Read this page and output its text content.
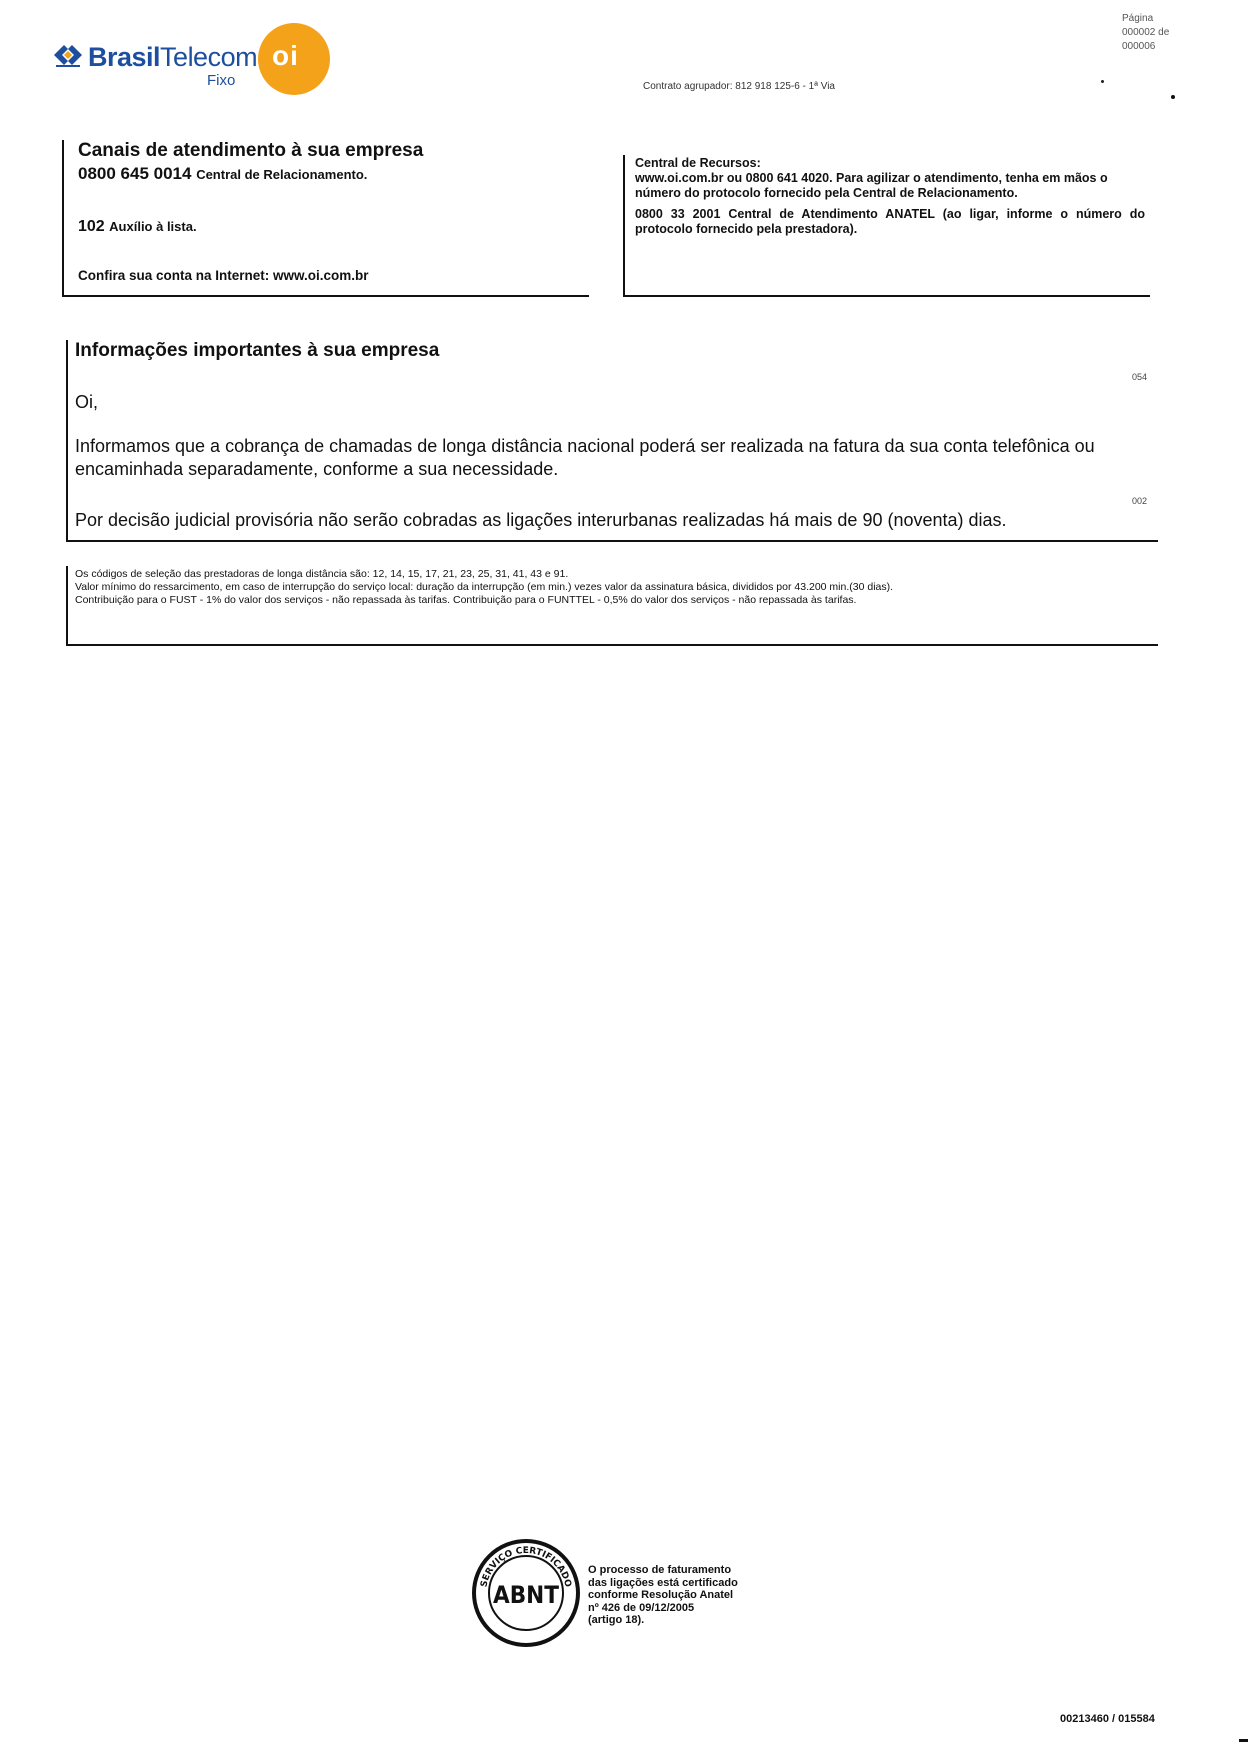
BrasilTelecom
Fixo
oi
Página
000002 de
000006
Contrato agrupador: 812 918 125-6 - 1ª Via
Canais de atendimento à sua empresa
0800 645 0014 Central de Relacionamento.
102 Auxílio à lista.
Confira sua conta na Internet: www.oi.com.br

Central de Recursos:

www.oi.com.br ou 0800 641 4020. Para agilizar o atendimento, tenha em mãos o número do protocolo fornecido pela Central de Relacionamento.

0800 33 2001 Central de Atendimento ANATEL (ao ligar, informe o número do protocolo fornecido pela prestadora).

Informações importantes à sua empresa
Oi,
Informamos que a cobrança de chamadas de longa distância nacional poderá ser realizada na fatura da sua conta telefônica ou encaminhada separadamente, conforme a sua necessidade.
Por decisão judicial provisória não serão cobradas as ligações interurbanas realizadas há mais de 90 (noventa) dias.
054
002

Os códigos de seleção das prestadoras de longa distância são: 12, 14, 15, 17, 21, 23, 25, 31, 41, 43 e 91.

Valor mínimo do ressarcimento, em caso de interrupção do serviço local: duração da interrupção (em min.) vezes valor da assinatura básica, divididos por 43.200 min.(30 dias).

Contribuição para o FUST - 1% do valor dos serviços - não repassada às tarifas. Contribuição para o FUNTTEL - 0,5% do valor dos serviços - não repassada às tarifas.

SERVIÇO CERTIFICADO
ABNT

O processo de faturamento

das ligações está certificado

conforme Resolução Anatel

nº 426 de 09/12/2005

(artigo 18).

00213460 / 015584
